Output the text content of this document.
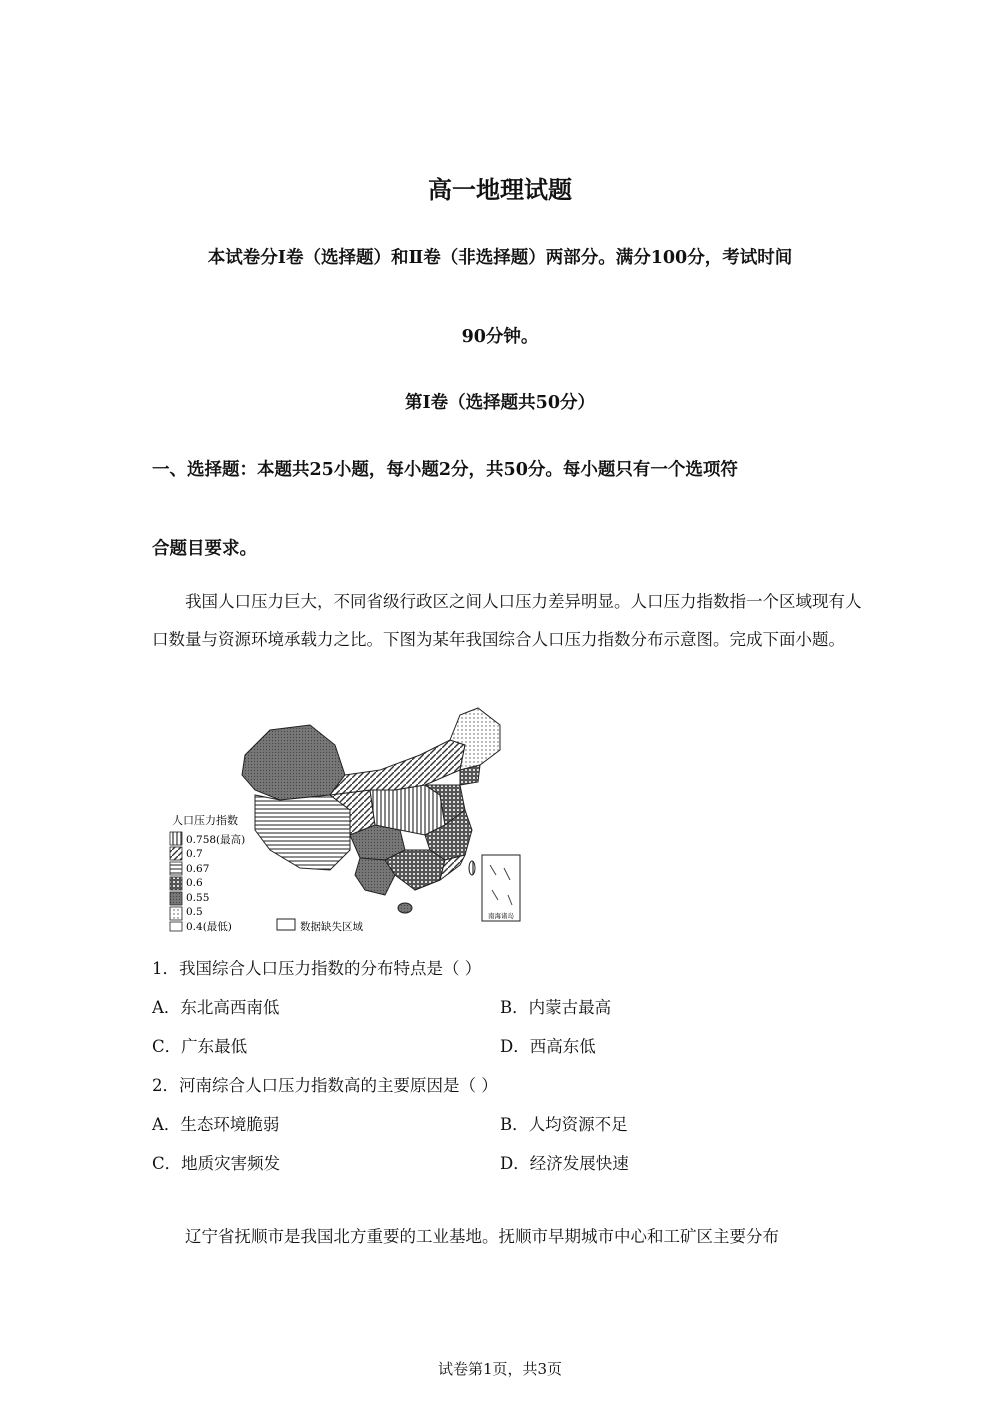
高一地理试题
本试卷分Ⅰ卷（选择题）和Ⅱ卷（非选择题）两部分。满分100分，考试时间
90分钟。
第Ⅰ卷（选择题共50分）
一、选择题：本题共25小题，每小题2分，共50分。每小题只有一个选项符
合题目要求。
我国人口压力巨大，不同省级行政区之间人口压力差异明显。人口压力指数指一个区域现有人口数量与资源环境承载力之比。下图为某年我国综合人口压力指数分布示意图。完成下面小题。
南海诸岛
人口压力指数
0.758(最高)
0.7
0.67
0.6
0.55
0.5
0.4(最低)	数据缺失区域
1．我国综合人口压力指数的分布特点是（ ）
A．东北高西南低	B．内蒙古最高
C．广东最低	D．西高东低
2．河南综合人口压力指数高的主要原因是（ ）
A．生态环境脆弱	B．人均资源不足
C．地质灾害频发	D．经济发展快速
辽宁省抚顺市是我国北方重要的工业基地。抚顺市早期城市中心和工矿区主要分布
试卷第1页，共3页
